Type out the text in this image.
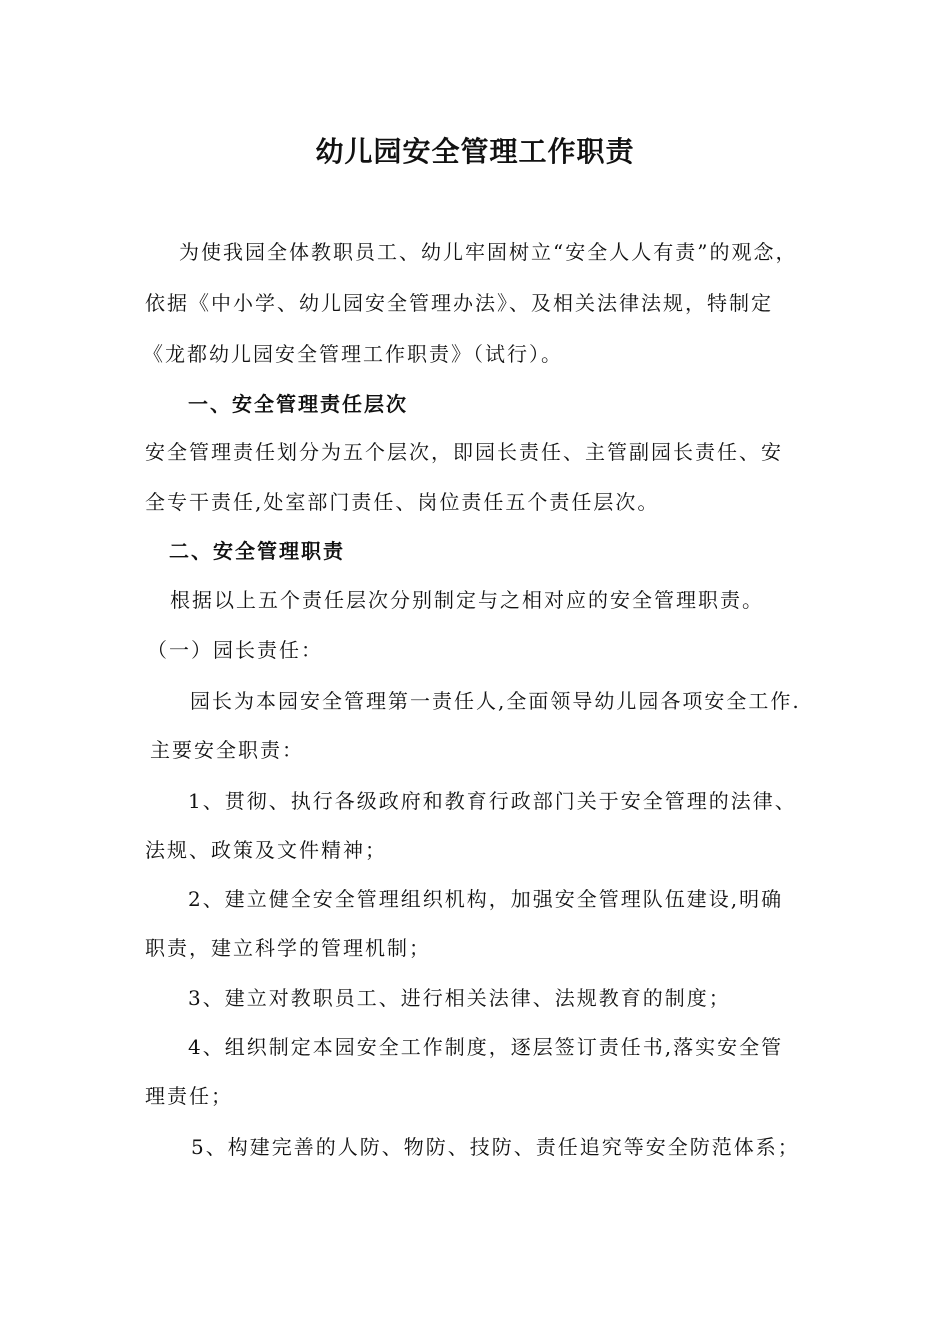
幼儿园安全管理工作职责
为使我园全体教职员工、幼儿牢固树立“安全人人有责”的观念，
依据《中小学、幼儿园安全管理办法》、及相关法律法规，特制定
《龙都幼儿园安全管理工作职责》（试行）。
一、安全管理责任层次
安全管理责任划分为五个层次，即园长责任、主管副园长责任、安
全专干责任,处室部门责任、岗位责任五个责任层次。
二、安全管理职责
根据以上五个责任层次分别制定与之相对应的安全管理职责。
（一）园长责任：
园长为本园安全管理第一责任人,全面领导幼儿园各项安全工作.
主要安全职责：
1、贯彻、执行各级政府和教育行政部门关于安全管理的法律、
法规、政策及文件精神；
2、建立健全安全管理组织机构，加强安全管理队伍建设,明确
职责，建立科学的管理机制；
3、建立对教职员工、进行相关法律、法规教育的制度；
4、组织制定本园安全工作制度，逐层签订责任书,落实安全管
理责任；
5、构建完善的人防、物防、技防、责任追究等安全防范体系；
